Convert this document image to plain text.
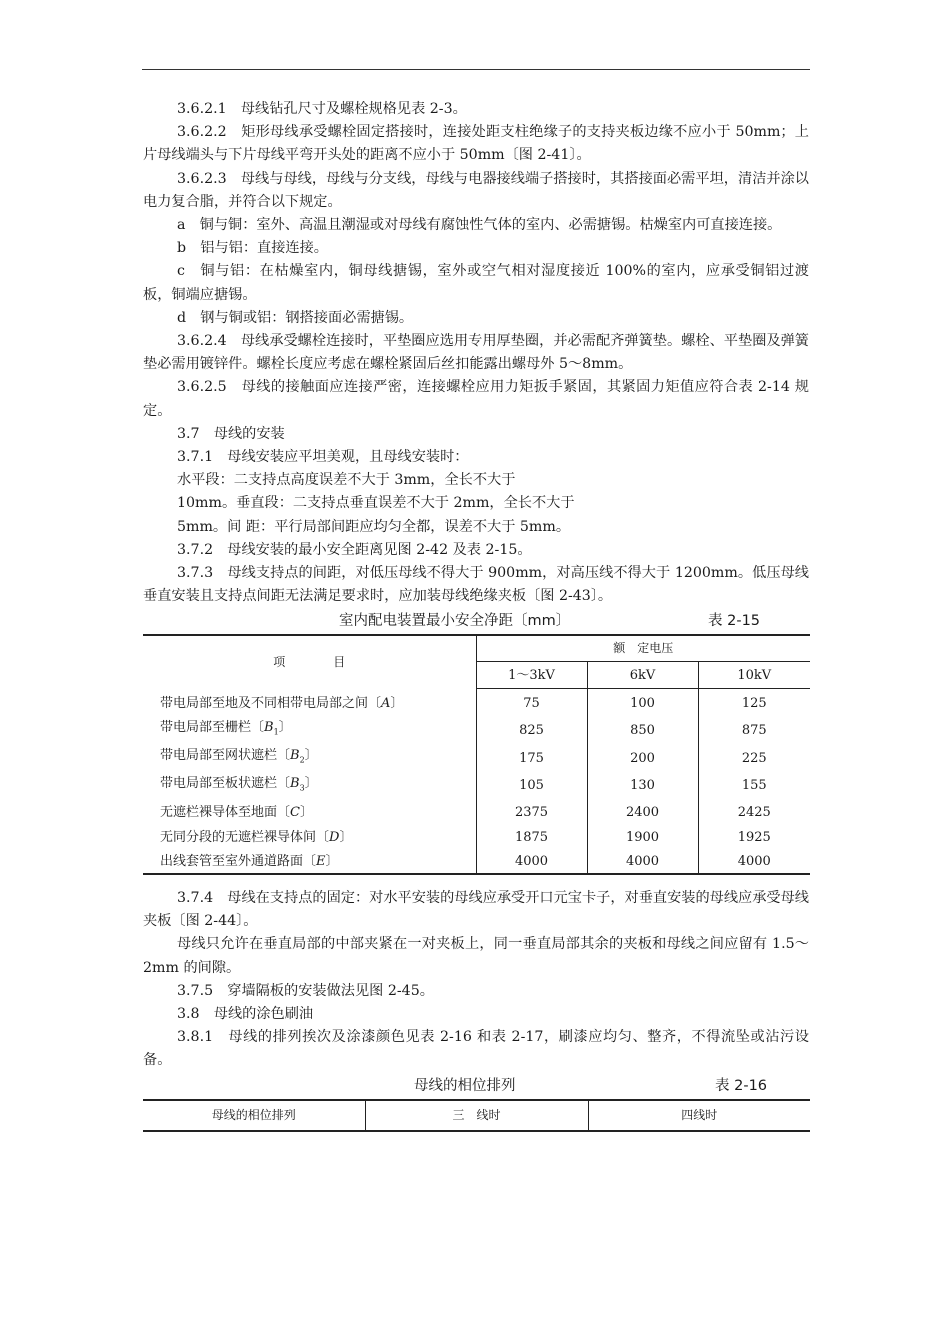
3.6.2.1　母线钻孔尺寸及螺栓规格见表 2-3。

3.6.2.2　矩形母线承受螺栓固定搭接时，连接处距支柱绝缘子的支持夹板边缘不应小于 50mm；上片母线端头与下片母线平弯开头处的距离不应小于 50mm〔图 2-41〕。

3.6.2.3　母线与母线，母线与分支线，母线与电器接线端子搭接时，其搭接面必需平坦，清洁并涂以电力复合脂，并符合以下规定。

a　铜与铜：室外、高温且潮湿或对母线有腐蚀性气体的室内、必需搪锡。枯燥室内可直接连接。

b　铝与铝：直接连接。

c　铜与铝：在枯燥室内，铜母线搪锡，室外或空气相对湿度接近 100%的室内，应承受铜铝过渡板，铜端应搪锡。

d　钢与铜或铝：钢搭接面必需搪锡。

3.6.2.4　母线承受螺栓连接时，平垫圈应选用专用厚垫圈，并必需配齐弹簧垫。螺栓、平垫圈及弹簧垫必需用镀锌件。螺栓长度应考虑在螺栓紧固后丝扣能露出螺母外 5～8mm。

3.6.2.5　母线的接触面应连接严密，连接螺栓应用力矩扳手紧固，其紧固力矩值应符合表 2-14 规定。

3.7　母线的安装

3.7.1　母线安装应平坦美观，且母线安装时：

水平段：二支持点高度误差不大于 3mm，全长不大于

10mm。垂直段：二支持点垂直误差不大于 2mm，全长不大于

5mm。间 距：平行局部间距应均匀全都，误差不大于 5mm。

3.7.2　母线安装的最小安全距离见图 2-42 及表 2-15。

3.7.3　母线支持点的间距，对低压母线不得大于 900mm，对高压线不得大于 1200mm。低压母线垂直安装且支持点间距无法满足要求时，应加装母线绝缘夹板〔图 2-43〕。

室内配电装置最小安全净距〔mm〕	表 2-15
项　　　　目	额　定电压		
	1～3kV	6kV	10kV
带电局部至地及不同相带电局部之间〔A〕	75	100	125
带电局部至栅栏〔$B_1$〕	825	850	875
带电局部至网状遮栏〔$B_2$〕	175	200	225
带电局部至板状遮栏〔$B_3$〕	105	130	155
无遮栏裸导体至地面〔C〕	2375	2400	2425
无同分段的无遮栏裸导体间〔D〕	1875	1900	1925
出线套管至室外通道路面〔E〕	4000	4000	4000

3.7.4　母线在支持点的固定：对水平安装的母线应承受开口元宝卡子，对垂直安装的母线应承受母线夹板〔图 2-44〕。

母线只允许在垂直局部的中部夹紧在一对夹板上，同一垂直局部其余的夹板和母线之间应留有 1.5～2mm 的间隙。

3.7.5　穿墙隔板的安装做法见图 2-45。

3.8　母线的涂色刷油

3.8.1　母线的排列挨次及涂漆颜色见表 2-16 和表 2-17，刷漆应均匀、整齐，不得流坠或沾污设备。

母线的相位排列	表 2-16
母线的相位排列	三　线时	四线时
